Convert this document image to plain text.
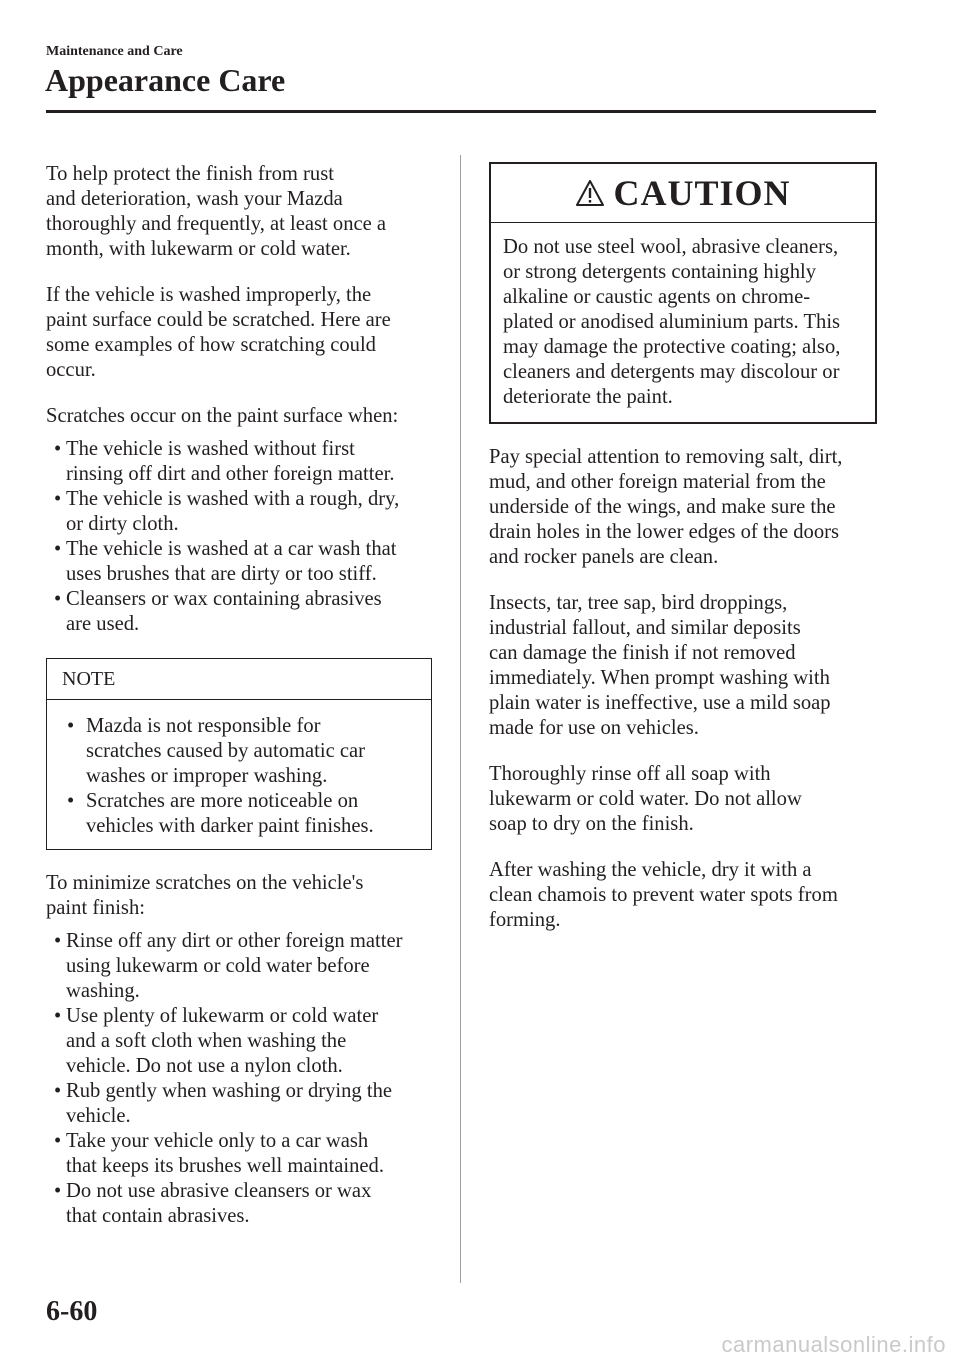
Maintenance and Care
Appearance Care

To help protect the finish from rust
and deterioration, wash your Mazda
thoroughly and frequently, at least once a
month, with lukewarm or cold water.

If the vehicle is washed improperly, the
paint surface could be scratched. Here are
some examples of how scratching could
occur.

Scratches occur on the paint surface when:

• The vehicle is washed without first
rinsing off dirt and other foreign matter.
• The vehicle is washed with a rough, dry,
or dirty cloth.
• The vehicle is washed at a car wash that
uses brushes that are dirty or too stiff.
• Cleansers or wax containing abrasives
are used.
NOTE
• Mazda is not responsible for
scratches caused by automatic car
washes or improper washing.
• Scratches are more noticeable on
vehicles with darker paint finishes.

To minimize scratches on the vehicle's
paint finish:

• Rinse off any dirt or other foreign matter
using lukewarm or cold water before
washing.
• Use plenty of lukewarm or cold water
and a soft cloth when washing the
vehicle. Do not use a nylon cloth.
• Rub gently when washing or drying the
vehicle.
• Take your vehicle only to a car wash
that keeps its brushes well maintained.
• Do not use abrasive cleansers or wax
that contain abrasives.
CAUTION
Do not use steel wool, abrasive cleaners,
or strong detergents containing highly
alkaline or caustic agents on chrome-
plated or anodised aluminium parts. This
may damage the protective coating; also,
cleaners and detergents may discolour or
deteriorate the paint.

Pay special attention to removing salt, dirt,
mud, and other foreign material from the
underside of the wings, and make sure the
drain holes in the lower edges of the doors
and rocker panels are clean.

Insects, tar, tree sap, bird droppings,
industrial fallout, and similar deposits
can damage the finish if not removed
immediately. When prompt washing with
plain water is ineffective, use a mild soap
made for use on vehicles.

Thoroughly rinse off all soap with
lukewarm or cold water. Do not allow
soap to dry on the finish.

After washing the vehicle, dry it with a
clean chamois to prevent water spots from
forming.

6-60
carmanualsonline.info
